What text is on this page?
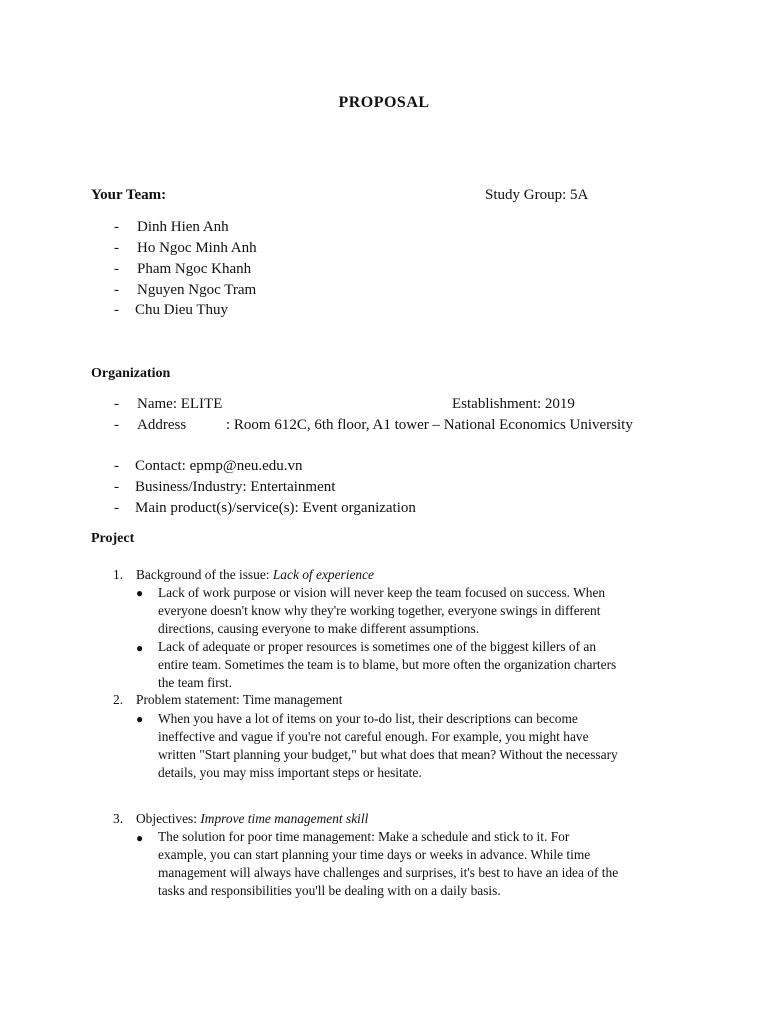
PROPOSAL
Your Team:	Study Group: 5A
- Dinh Hien Anh
- Ho Ngoc Minh Anh
- Pham Ngoc Khanh
- Nguyen Ngoc Tram
- Chu Dieu Thuy
Organization
- Name: ELITE	Establishment: 2019
- Address	: Room 612C, 6th floor, A1 tower – National Economics University
- Contact: epmp@neu.edu.vn
- Business/Industry: Entertainment
- Main product(s)/service(s): Event organization
Project
1. Background of the issue: Lack of experience
● Lack of work purpose or vision will never keep the team focused on success. When
everyone doesn't know why they're working together, everyone swings in different
directions, causing everyone to make different assumptions.
● Lack of adequate or proper resources is sometimes one of the biggest killers of an
entire team. Sometimes the team is to blame, but more often the organization charters
the team first.
2. Problem statement: Time management
● When you have a lot of items on your to-do list, their descriptions can become
ineffective and vague if you're not careful enough. For example, you might have
written "Start planning your budget," but what does that mean? Without the necessary
details, you may miss important steps or hesitate.
3. Objectives: Improve time management skill
● The solution for poor time management: Make a schedule and stick to it. For
example, you can start planning your time days or weeks in advance. While time
management will always have challenges and surprises, it's best to have an idea of the
tasks and responsibilities you'll be dealing with on a daily basis.
